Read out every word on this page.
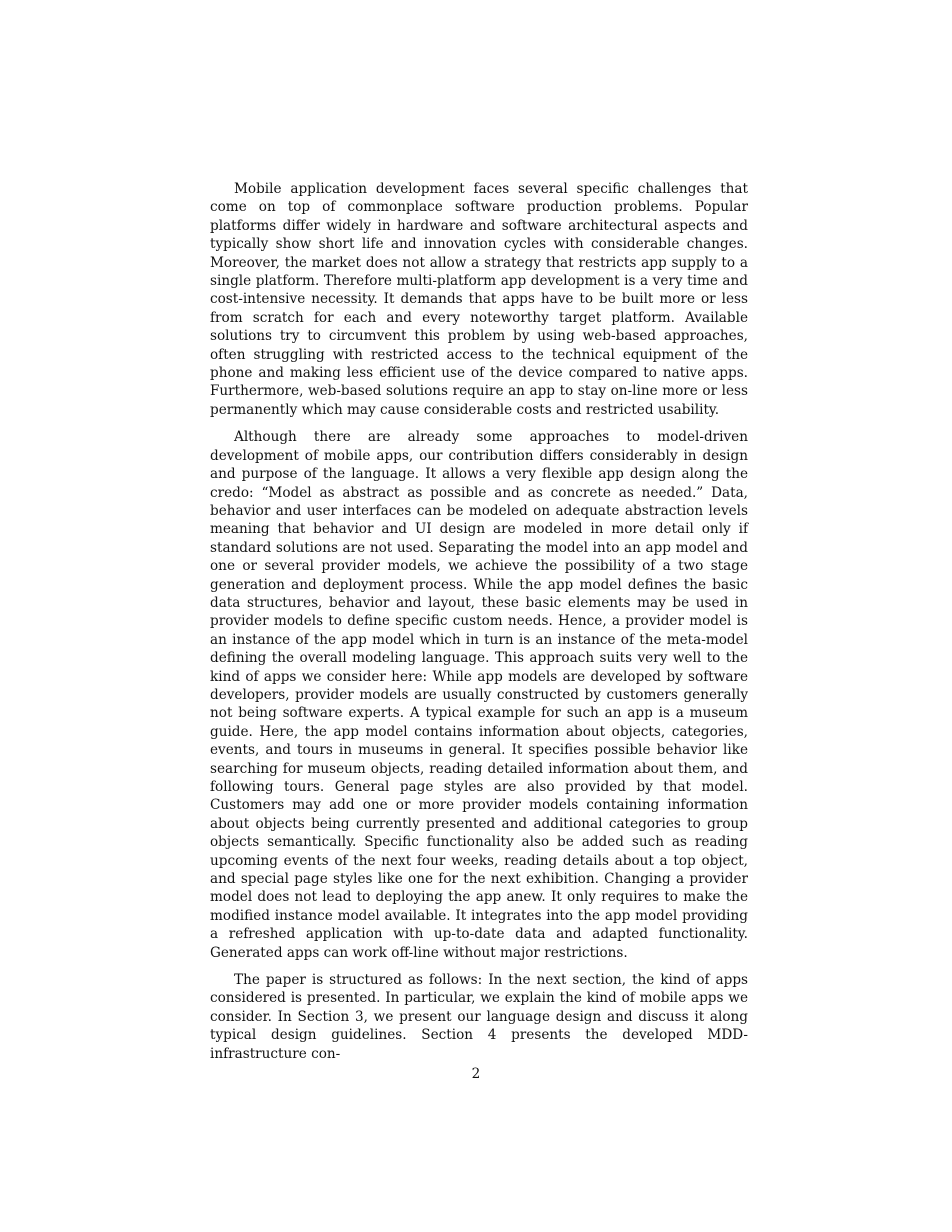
Mobile application development faces several specific challenges that come on top of commonplace software production problems. Popular platforms differ widely in hardware and software architectural aspects and typically show short life and innovation cycles with considerable changes. Moreover, the market does not allow a strategy that restricts app supply to a single platform. Therefore multi-platform app development is a very time and cost-intensive necessity. It demands that apps have to be built more or less from scratch for each and every noteworthy target platform. Available solutions try to circumvent this problem by using web-based approaches, often struggling with restricted access to the technical equipment of the phone and making less efficient use of the device compared to native apps. Furthermore, web-based solutions require an app to stay on-line more or less permanently which may cause considerable costs and restricted usability.

Although there are already some approaches to model-driven development of mobile apps, our contribution differs considerably in design and purpose of the language. It allows a very flexible app design along the credo: “Model as abstract as possible and as concrete as needed.” Data, behavior and user interfaces can be modeled on adequate abstraction levels meaning that behavior and UI design are modeled in more detail only if standard solutions are not used. Separating the model into an app model and one or several provider models, we achieve the possibility of a two stage generation and deployment process. While the app model defines the basic data structures, behavior and layout, these basic elements may be used in provider models to define specific custom needs. Hence, a provider model is an instance of the app model which in turn is an instance of the meta-model defining the overall modeling language. This approach suits very well to the kind of apps we consider here: While app models are developed by software developers, provider models are usually constructed by customers generally not being software experts. A typical example for such an app is a museum guide. Here, the app model contains information about objects, categories, events, and tours in museums in general. It specifies possible behavior like searching for museum objects, reading detailed information about them, and following tours. General page styles are also provided by that model. Customers may add one or more provider models containing information about objects being currently presented and additional categories to group objects semantically. Specific functionality also be added such as reading upcoming events of the next four weeks, reading details about a top object, and special page styles like one for the next exhibition. Changing a provider model does not lead to deploying the app anew. It only requires to make the modified instance model available. It integrates into the app model providing a refreshed application with up-to-date data and adapted functionality. Generated apps can work off-line without major restrictions.

The paper is structured as follows: In the next section, the kind of apps considered is presented. In particular, we explain the kind of mobile apps we consider. In Section 3, we present our language design and discuss it along typical design guidelines. Section 4 presents the developed MDD-infrastructure con-

2
